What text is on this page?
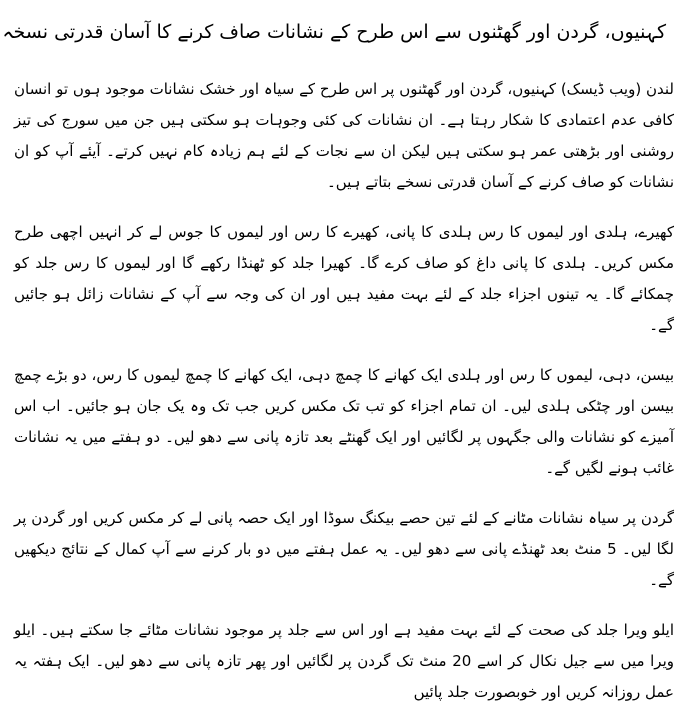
کہنیوں، گردن اور گھٹنوں سے اس طرح کے نشانات صاف کرنے کا آسان قدرتی نسخہ

لندن (ویب ڈیسک) کہنیوں، گردن اور گھٹنوں پر اس طرح کے سیاہ اور خشک نشانات موجود ہوں تو انسان کافی عدم اعتمادی کا شکار رہتا ہے۔ ان نشانات کی کئی وجوہات ہو سکتی ہیں جن میں سورج کی تیز روشنی اور بڑھتی عمر ہو سکتی ہیں لیکن ان سے نجات کے لئے ہم زیادہ کام نہیں کرتے۔ آیئے آپ کو ان نشانات کو صاف کرنے کے آسان قدرتی نسخے بتاتے ہیں۔

کھیرے، ہلدی اور لیموں کا رس ہلدی کا پانی، کھیرے کا رس اور لیموں کا جوس لے کر انہیں اچھی طرح مکس کریں۔ ہلدی کا پانی داغ کو صاف کرے گا۔ کھیرا جلد کو ٹھنڈا رکھے گا اور لیموں کا رس جلد کو چمکائے گا۔ یہ تینوں اجزاء جلد کے لئے بہت مفید ہیں اور ان کی وجہ سے آپ کے نشانات زائل ہو جائیں گے۔

بیسن، دہی، لیموں کا رس اور ہلدی ایک کھانے کا چمچ دہی، ایک کھانے کا چمچ لیموں کا رس، دو بڑے چمچ بیسن اور چٹکی ہلدی لیں۔ ان تمام اجزاء کو تب تک مکس کریں جب تک وہ یک جان ہو جائیں۔ اب اس آمیزے کو نشانات والی جگہوں پر لگائیں اور ایک گھنٹے بعد تازہ پانی سے دھو لیں۔ دو ہفتے میں یہ نشانات غائب ہونے لگیں گے۔

گردن پر سیاہ نشانات مٹانے کے لئے تین حصے بیکنگ سوڈا اور ایک حصہ پانی لے کر مکس کریں اور گردن پر لگا لیں۔ 5 منٹ بعد ٹھنڈے پانی سے دھو لیں۔ یہ عمل ہفتے میں دو بار کرنے سے آپ کمال کے نتائج دیکھیں گے۔

ایلو ویرا جلد کی صحت کے لئے بہت مفید ہے اور اس سے جلد پر موجود نشانات مٹائے جا سکتے ہیں۔ ایلو ویرا میں سے جیل نکال کر اسے 20 منٹ تک گردن پر لگائیں اور پھر تازہ پانی سے دھو لیں۔ ایک ہفتہ یہ عمل روزانہ کریں اور خوبصورت جلد پائیں
